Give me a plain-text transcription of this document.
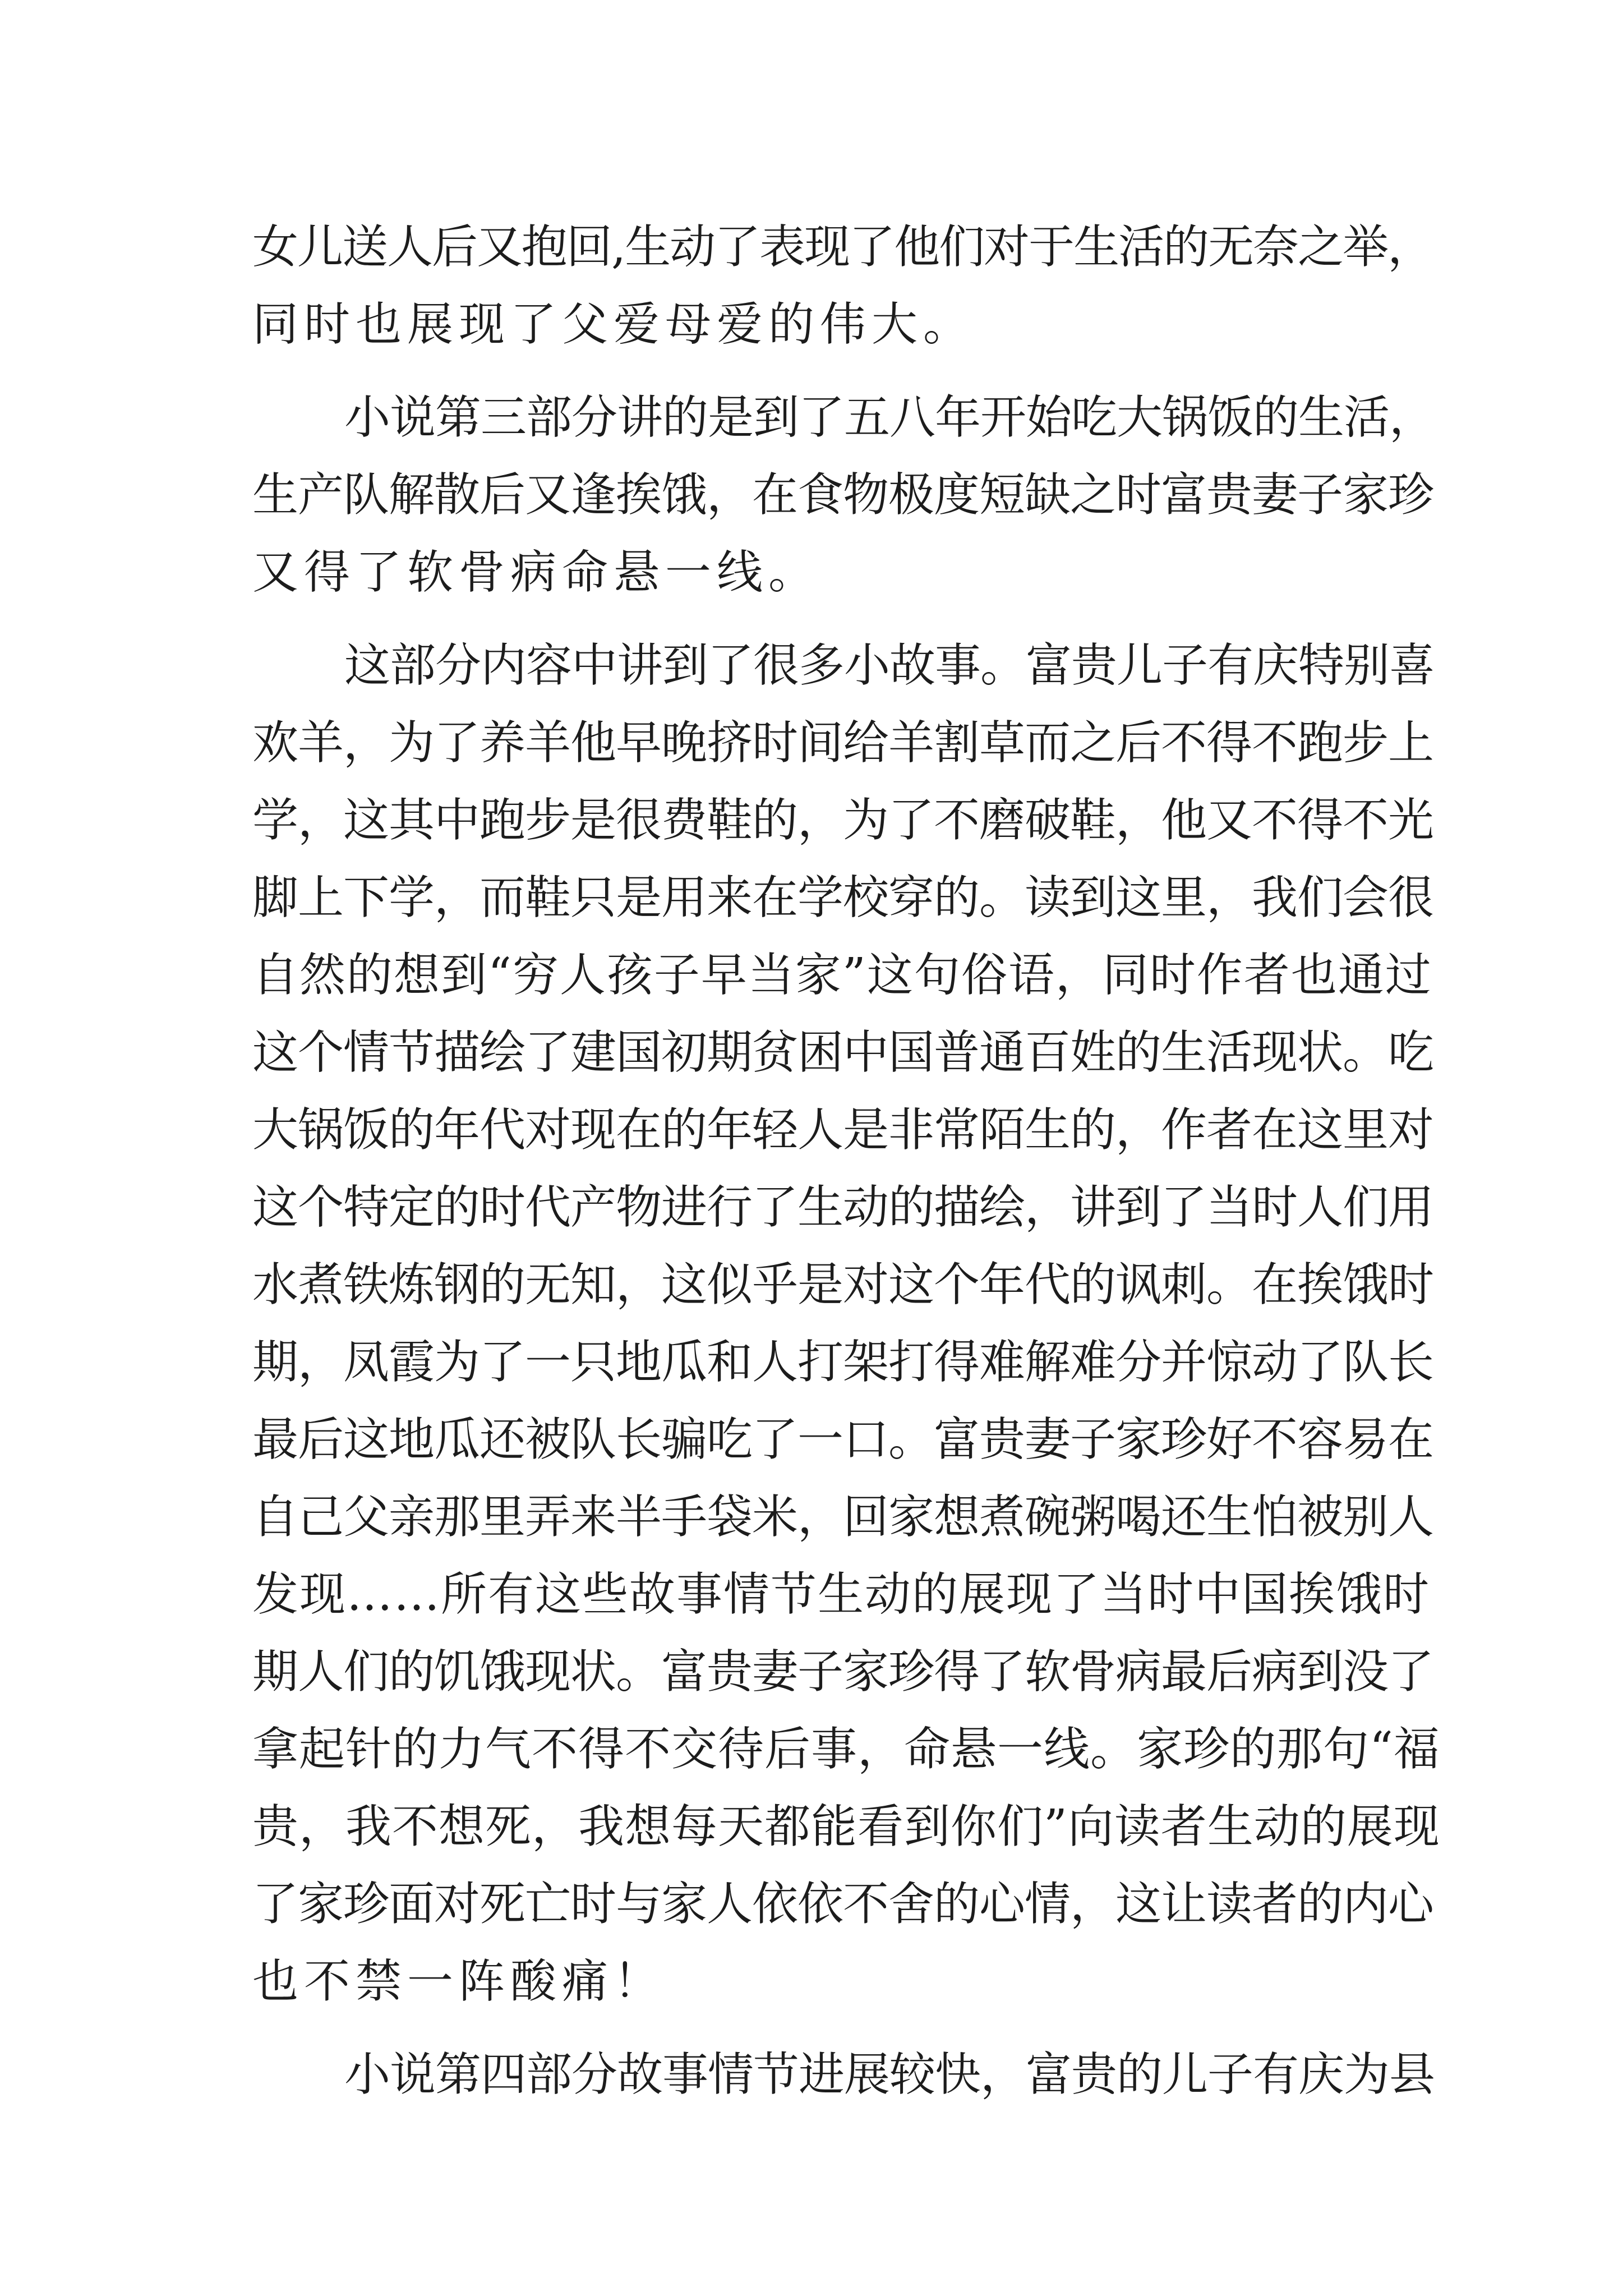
女儿送人后又抱回,生动了表现了他们对于生活的无奈之举，
同时也展现了父爱母爱的伟大。
小说第三部分讲的是到了五八年开始吃大锅饭的生活，
生产队解散后又逢挨饿，在食物极度短缺之时富贵妻子家珍
又得了软骨病命悬一线。
这部分内容中讲到了很多小故事。富贵儿子有庆特别喜
欢羊，为了养羊他早晚挤时间给羊割草而之后不得不跑步上
学，这其中跑步是很费鞋的，为了不磨破鞋，他又不得不光
脚上下学，而鞋只是用来在学校穿的。读到这里，我们会很
自然的想到“穷人孩子早当家”这句俗语，同时作者也通过
这个情节描绘了建国初期贫困中国普通百姓的生活现状。吃
大锅饭的年代对现在的年轻人是非常陌生的，作者在这里对
这个特定的时代产物进行了生动的描绘，讲到了当时人们用
水煮铁炼钢的无知，这似乎是对这个年代的讽刺。在挨饿时
期，凤霞为了一只地瓜和人打架打得难解难分并惊动了队长
最后这地瓜还被队长骗吃了一口。富贵妻子家珍好不容易在
自己父亲那里弄来半手袋米，回家想煮碗粥喝还生怕被别人
发现……所有这些故事情节生动的展现了当时中国挨饿时
期人们的饥饿现状。富贵妻子家珍得了软骨病最后病到没了
拿起针的力气不得不交待后事，命悬一线。家珍的那句“福
贵，我不想死，我想每天都能看到你们”向读者生动的展现
了家珍面对死亡时与家人依依不舍的心情，这让读者的内心
也不禁一阵酸痛！
小说第四部分故事情节进展较快，富贵的儿子有庆为县
